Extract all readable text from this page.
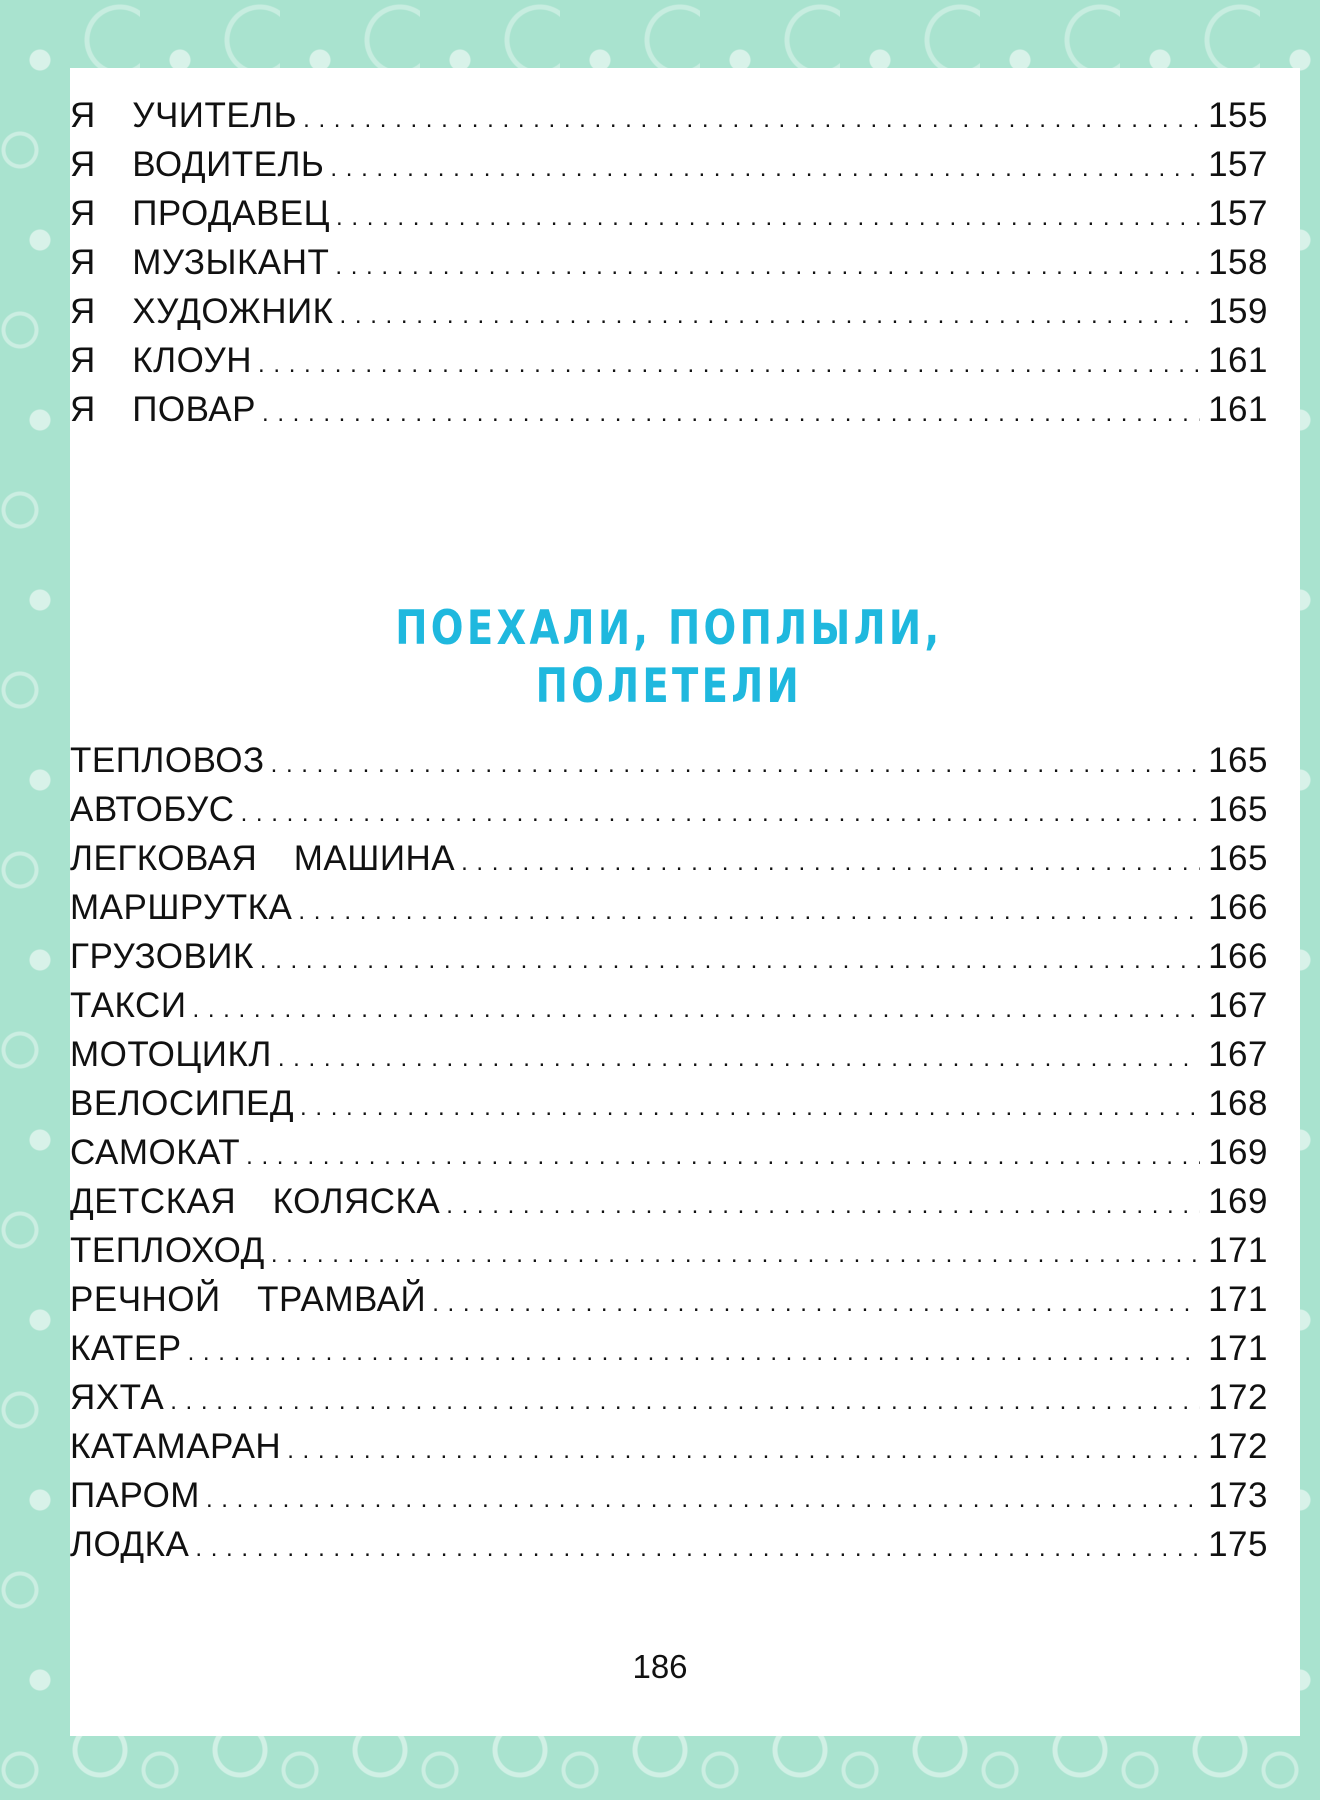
Я  УЧИТЕЛЬ . . .	155
Я  ВОДИТЕЛЬ . . .	157
Я  ПРОДАВЕЦ . . .	157
Я  МУЗЫКАНТ . . .	158
Я  ХУДОЖНИК . . .	159
Я  КЛОУН . . .	161
Я  ПОВАР . . .	161
ПОЕХАЛИ, ПОПЛЫЛИ,
ПОЛЕТЕЛИ
ТЕПЛОВОЗ . . .	165
АВТОБУС . . .	165
ЛЕГКОВАЯ  МАШИНА . . .	165
МАРШРУТКА . . .	166
ГРУЗОВИК . . .	166
ТАКСИ . . .	167
МОТОЦИКЛ . . .	167
ВЕЛОСИПЕД . . .	168
САМОКАТ . . .	169
ДЕТСКАЯ  КОЛЯСКА . . .	169
ТЕПЛОХОД . . .	171
РЕЧНОЙ  ТРАМВАЙ . . .	171
КАТЕР . . .	171
ЯХТА . . .	172
КАТАМАРАН . . .	172
ПАРОМ . . .	173
ЛОДКА . . .	175

186
